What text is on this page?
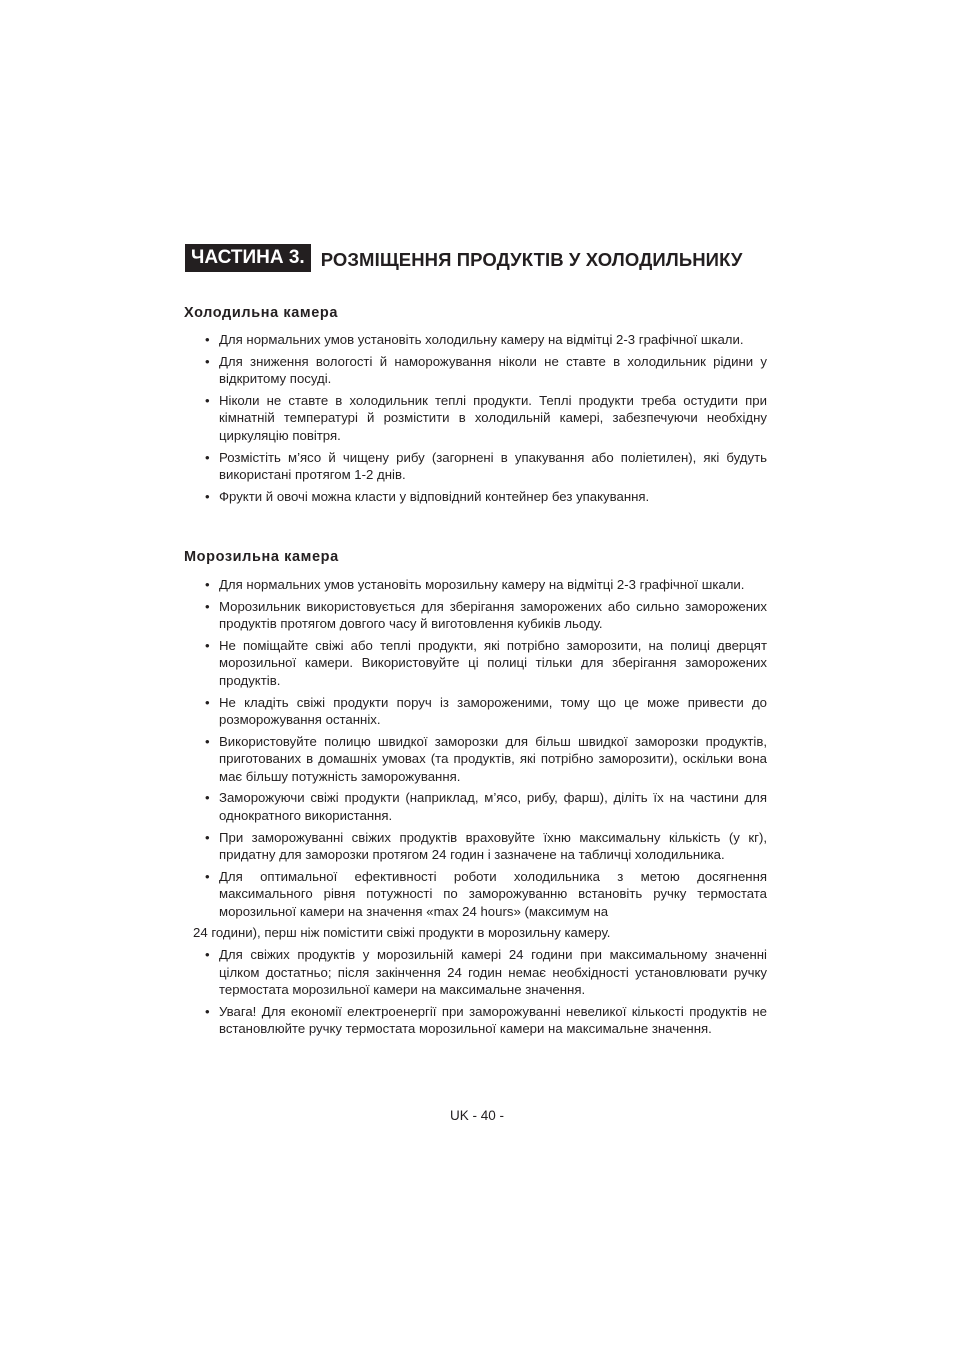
ЧАСТИНА 3. РОЗМІЩЕННЯ ПРОДУКТІВ У ХОЛОДИЛЬНИКУ
Холодильна камера
• Для нормальних умов установіть холодильну камеру на відмітці 2-3 графічної шкали.
• Для зниження вологості й наморожування ніколи не ставте в холодильник рідини у відкритому посуді.
• Ніколи не ставте в холодильник теплі продукти. Теплі продукти треба остудити при кімнатній температурі й розмістити в холодильній камері, забезпечуючи необхідну циркуляцію повітря.
• Розмістіть м’ясо й чищену рибу (загорнені в упакування або поліетилен), які будуть використані протягом 1-2 днів.
• Фрукти й овочі можна класти у відповідний контейнер без упакування.
Морозильна камера
• Для нормальних умов установіть морозильну камеру на відмітці 2-3 графічної шкали.
• Морозильник використовується для зберігання заморожених або сильно заморожених продуктів протягом довгого часу й виготовлення кубиків льоду.
• Не поміщайте свіжі або теплі продукти, які потрібно заморозити, на полиці дверцят морозильної камери. Використовуйте ці полиці тільки для зберігання заморожених продуктів.
• Не кладіть свіжі продукти поруч із замороженими, тому що це може привести до розморожування останніх.
• Використовуйте полицю швидкої заморозки для більш швидкої заморозки продуктів, приготованих в домашніх умовах (та продуктів, які потрібно заморозити), оскільки вона має більшу потужність заморожування.
• Заморожуючи свіжі продукти (наприклад, м’ясо, рибу, фарш), діліть їх на частини для однократного використання.
• При заморожуванні свіжих продуктів враховуйте їхню максимальну кількість (у кг), придатну для заморозки протягом 24 годин і зазначене на табличці холодильника.
• Для оптимальної ефективності роботи холодильника з метою досягнення максимального рівня потужності по заморожуванню встановіть ручку термостата морозильної камери на значення «max 24 hours» (максимум на
24 години), перш ніж помістити свіжі продукти в морозильну камеру.
• Для свіжих продуктів у морозильній камері 24 години при максимальному значенні цілком достатньо; після закінчення 24 годин немає необхідності установлювати ручку термостата морозильної камери на максимальне значення.
• Увага! Для економії електроенергії при заморожуванні невеликої кількості продуктів не встановлюйте ручку термостата морозильної камери на максимальне значення.
UK - 40 -
